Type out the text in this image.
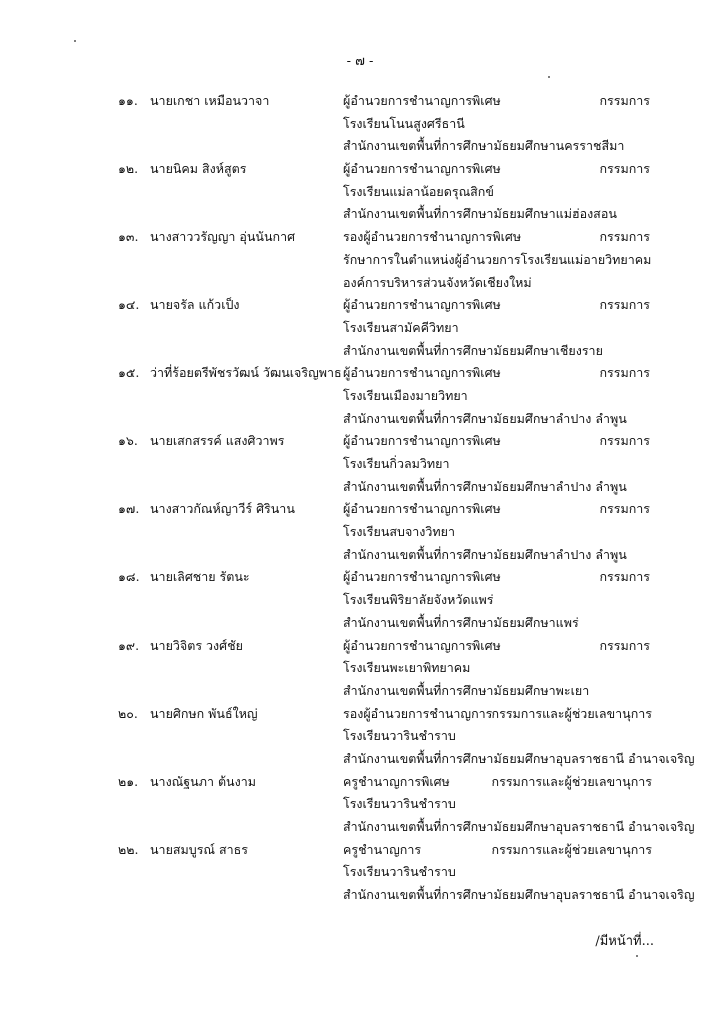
- ๗ -
๑๑. นายเกชา เหมือนวาจา	ผู้อำนวยการชำนาญการพิเศษ	กรรมการ
โรงเรียนโนนสูงศรีธานี
สำนักงานเขตพื้นที่การศึกษามัธยมศึกษานครราชสีมา
๑๒. นายนิคม สิงห์สูตร	ผู้อำนวยการชำนาญการพิเศษ	กรรมการ
โรงเรียนแม่ลาน้อยดรุณสิกข์
สำนักงานเขตพื้นที่การศึกษามัธยมศึกษาแม่ฮ่องสอน
๑๓. นางสาววรัญญา อุ่นนันกาศ	รองผู้อำนวยการชำนาญการพิเศษ	กรรมการ
รักษาการในตำแหน่งผู้อำนวยการโรงเรียนแม่อายวิทยาคม
องค์การบริหารส่วนจังหวัดเชียงใหม่
๑๔. นายจรัล แก้วเป็ง	ผู้อำนวยการชำนาญการพิเศษ	กรรมการ
โรงเรียนสามัคคีวิทยา
สำนักงานเขตพื้นที่การศึกษามัธยมศึกษาเชียงราย
๑๕. ว่าที่ร้อยตรีพัชรวัฒน์ วัฒนเจริญพาธ ผู้อำนวยการชำนาญการพิเศษ	กรรมการ
โรงเรียนเมืองมายวิทยา
สำนักงานเขตพื้นที่การศึกษามัธยมศึกษาลำปาง ลำพูน
๑๖. นายเสกสรรค์ แสงศิวาพร	ผู้อำนวยการชำนาญการพิเศษ	กรรมการ
โรงเรียนกิ่วลมวิทยา
สำนักงานเขตพื้นที่การศึกษามัธยมศึกษาลำปาง ลำพูน
๑๗. นางสาวกัณห์ญาวีร์ ศิรินาน	ผู้อำนวยการชำนาญการพิเศษ	กรรมการ
โรงเรียนสบจางวิทยา
สำนักงานเขตพื้นที่การศึกษามัธยมศึกษาลำปาง ลำพูน
๑๘. นายเลิศชาย รัตนะ	ผู้อำนวยการชำนาญการพิเศษ	กรรมการ
โรงเรียนพิริยาลัยจังหวัดแพร่
สำนักงานเขตพื้นที่การศึกษามัธยมศึกษาแพร่
๑๙. นายวิจิตร วงศ์ชัย	ผู้อำนวยการชำนาญการพิเศษ	กรรมการ
โรงเรียนพะเยาพิทยาคม
สำนักงานเขตพื้นที่การศึกษามัธยมศึกษาพะเยา
๒๐. นายศิกษก พันธ์ใหญ่	รองผู้อำนวยการชำนาญการ กรรมการและผู้ช่วยเลขานุการ
โรงเรียนวารินชำราบ
สำนักงานเขตพื้นที่การศึกษามัธยมศึกษาอุบลราชธานี อำนาจเจริญ
๒๑. นางณัฐนภา ต้นงาม	ครูชำนาญการพิเศษ	กรรมการและผู้ช่วยเลขานุการ
โรงเรียนวารินชำราบ
สำนักงานเขตพื้นที่การศึกษามัธยมศึกษาอุบลราชธานี อำนาจเจริญ
๒๒. นายสมบูรณ์ สาธร	ครูชำนาญการ	กรรมการและผู้ช่วยเลขานุการ
โรงเรียนวารินชำราบ
สำนักงานเขตพื้นที่การศึกษามัธยมศึกษาอุบลราชธานี อำนาจเจริญ
/มีหน้าที่...
